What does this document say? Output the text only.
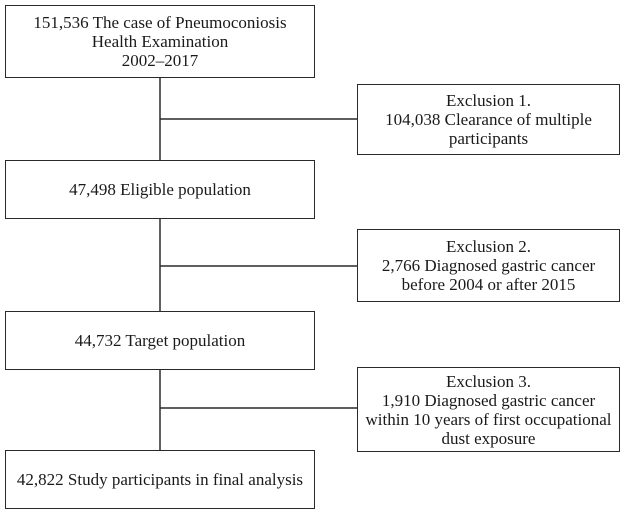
151,536 The case of Pneumoconiosis
Health Examination
2002–2017
Exclusion 1.
104,038 Clearance of multiple
participants
47,498 Eligible population
Exclusion 2.
2,766 Diagnosed gastric cancer
before 2004 or after 2015
44,732 Target population
Exclusion 3.
1,910 Diagnosed gastric cancer
within 10 years of first occupational
dust exposure
42,822 Study participants in final analysis
